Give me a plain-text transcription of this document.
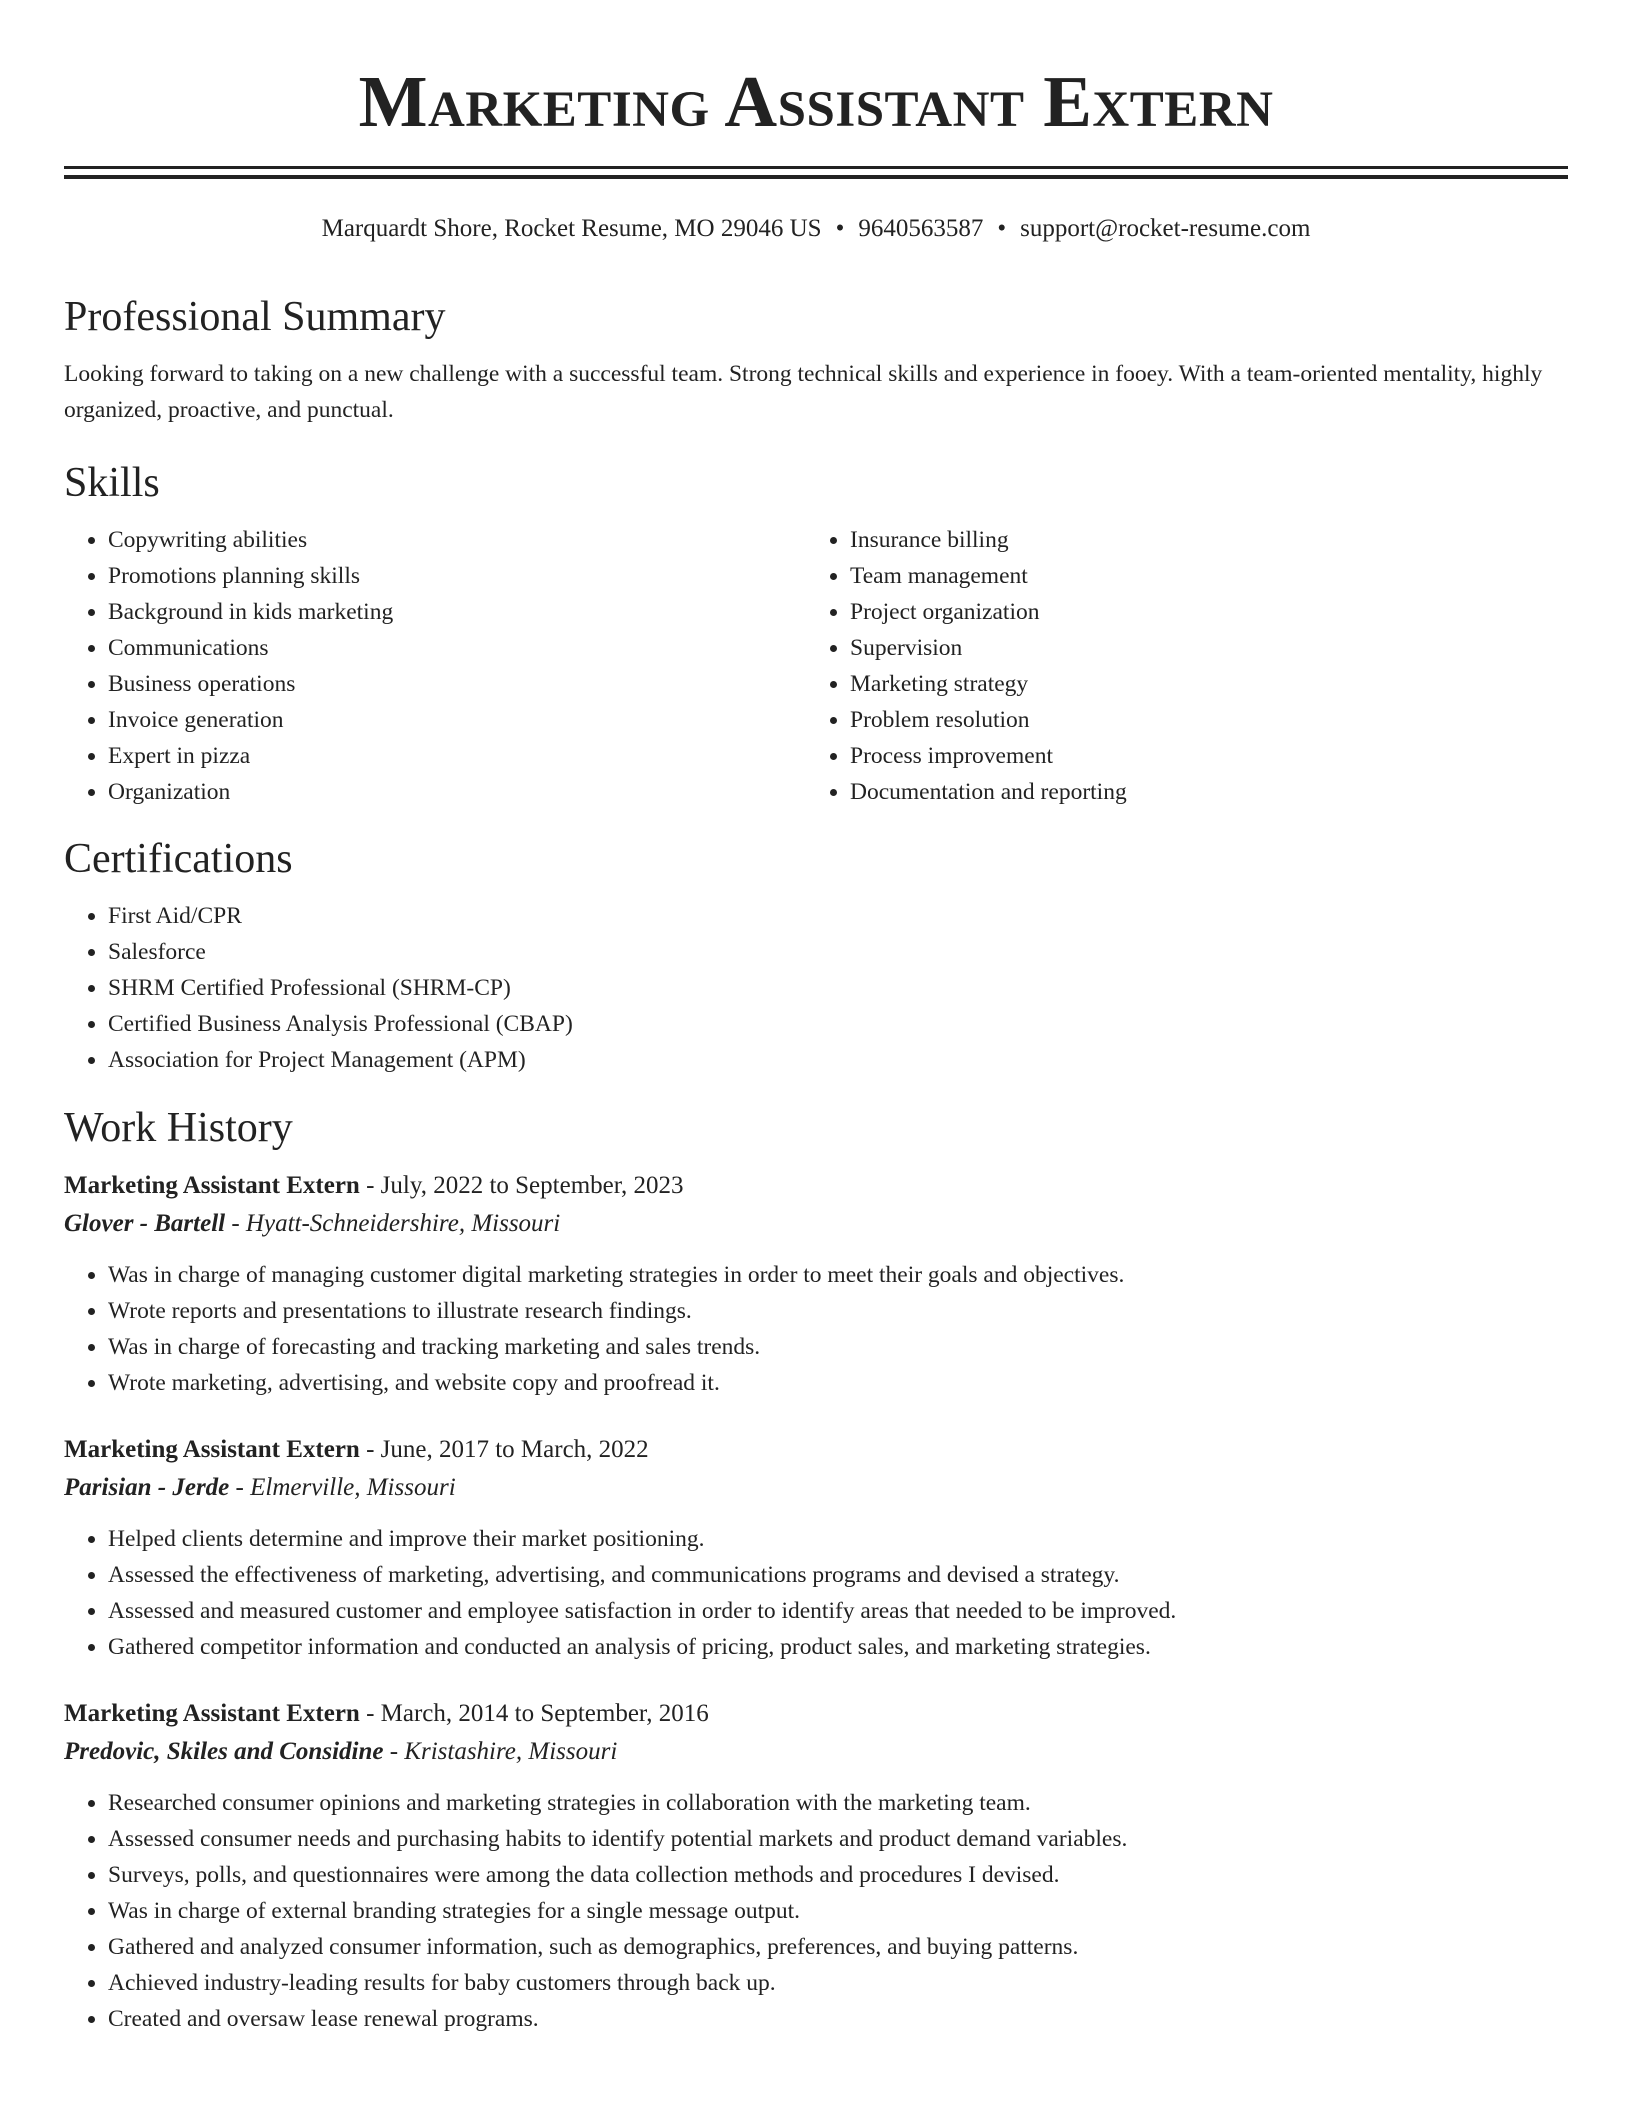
Marketing Assistant Extern
Marquardt Shore, Rocket Resume, MO 29046 US • 9640563587 • support@rocket-resume.com
Professional Summary

Looking forward to taking on a new challenge with a successful team. Strong technical skills and experience in fooey. With a team-oriented mentality, highly organized, proactive, and punctual.

Skills
• Copywriting abilities
• Promotions planning skills
• Background in kids marketing
• Communications
• Business operations
• Invoice generation
• Expert in pizza
• Organization
• Insurance billing
• Team management
• Project organization
• Supervision
• Marketing strategy
• Problem resolution
• Process improvement
• Documentation and reporting
Certifications
• First Aid/CPR
• Salesforce
• SHRM Certified Professional (SHRM-CP)
• Certified Business Analysis Professional (CBAP)
• Association for Project Management (APM)
Work History
Marketing Assistant Extern - July, 2022 to September, 2023
Glover - Bartell - Hyatt-Schneidershire, Missouri
• Was in charge of managing customer digital marketing strategies in order to meet their goals and objectives.
• Wrote reports and presentations to illustrate research findings.
• Was in charge of forecasting and tracking marketing and sales trends.
• Wrote marketing, advertising, and website copy and proofread it.
Marketing Assistant Extern - June, 2017 to March, 2022
Parisian - Jerde - Elmerville, Missouri
• Helped clients determine and improve their market positioning.
• Assessed the effectiveness of marketing, advertising, and communications programs and devised a strategy.
• Assessed and measured customer and employee satisfaction in order to identify areas that needed to be improved.
• Gathered competitor information and conducted an analysis of pricing, product sales, and marketing strategies.
Marketing Assistant Extern - March, 2014 to September, 2016
Predovic, Skiles and Considine - Kristashire, Missouri
• Researched consumer opinions and marketing strategies in collaboration with the marketing team.
• Assessed consumer needs and purchasing habits to identify potential markets and product demand variables.
• Surveys, polls, and questionnaires were among the data collection methods and procedures I devised.
• Was in charge of external branding strategies for a single message output.
• Gathered and analyzed consumer information, such as demographics, preferences, and buying patterns.
• Achieved industry-leading results for baby customers through back up.
• Created and oversaw lease renewal programs.
